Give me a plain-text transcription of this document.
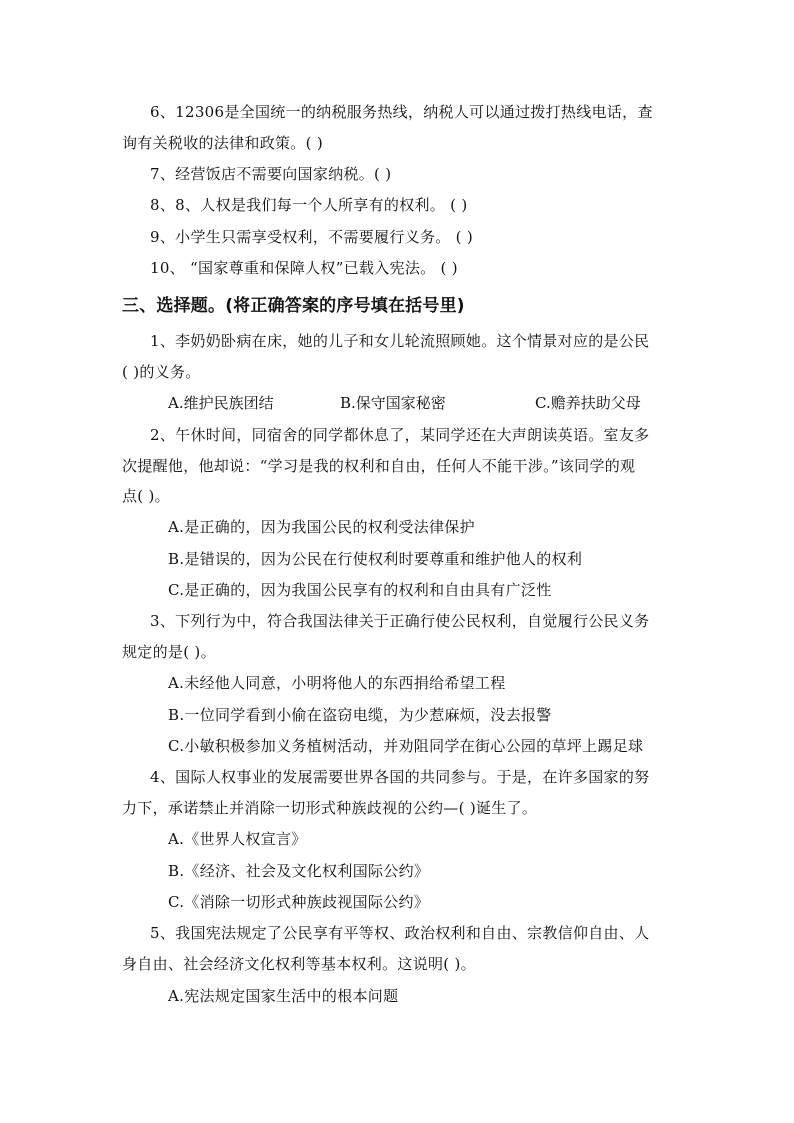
6、12306是全国统一的纳税服务热线，纳税人可以通过拨打热线电话，查
询有关税收的法律和政策。( )
7、经营饭店不需要向国家纳税。( )
8、8、人权是我们每一个人所享有的权利。 ( )
9、小学生只需享受权利，不需要履行义务。 ( )
10、 “国家尊重和保障人权”已载入宪法。 ( )
三、选择题。(将正确答案的序号填在括号里)
1、李奶奶卧病在床，她的儿子和女儿轮流照顾她。这个情景对应的是公民
( )的义务。
A.维护民族团结	B.保守国家秘密	C.赡养扶助父母
2、午休时间，同宿舍的同学都休息了，某同学还在大声朗读英语。室友多
次提醒他，他却说：“学习是我的权利和自由，任何人不能干涉。”该同学的观
点( )。
A.是正确的，因为我国公民的权利受法律保护
B.是错误的，因为公民在行使权利时要尊重和维护他人的权利
C.是正确的，因为我国公民享有的权利和自由具有广泛性
3、下列行为中，符合我国法律关于正确行使公民权利，自觉履行公民义务
规定的是( )。
A.未经他人同意，小明将他人的东西捐给希望工程
B.一位同学看到小偷在盗窃电缆，为少惹麻烦，没去报警
C.小敏积极参加义务植树活动，并劝阻同学在街心公园的草坪上踢足球
4、国际人权事业的发展需要世界各国的共同参与。于是，在许多国家的努
力下，承诺禁止并消除一切形式种族歧视的公约—( )诞生了。
A.《世界人权宣言》
B.《经济、社会及文化权利国际公约》
C.《消除一切形式种族歧视国际公约》
5、我国宪法规定了公民享有平等权、政治权利和自由、宗教信仰自由、人
身自由、社会经济文化权利等基本权利。这说明( )。
A.宪法规定国家生活中的根本问题
